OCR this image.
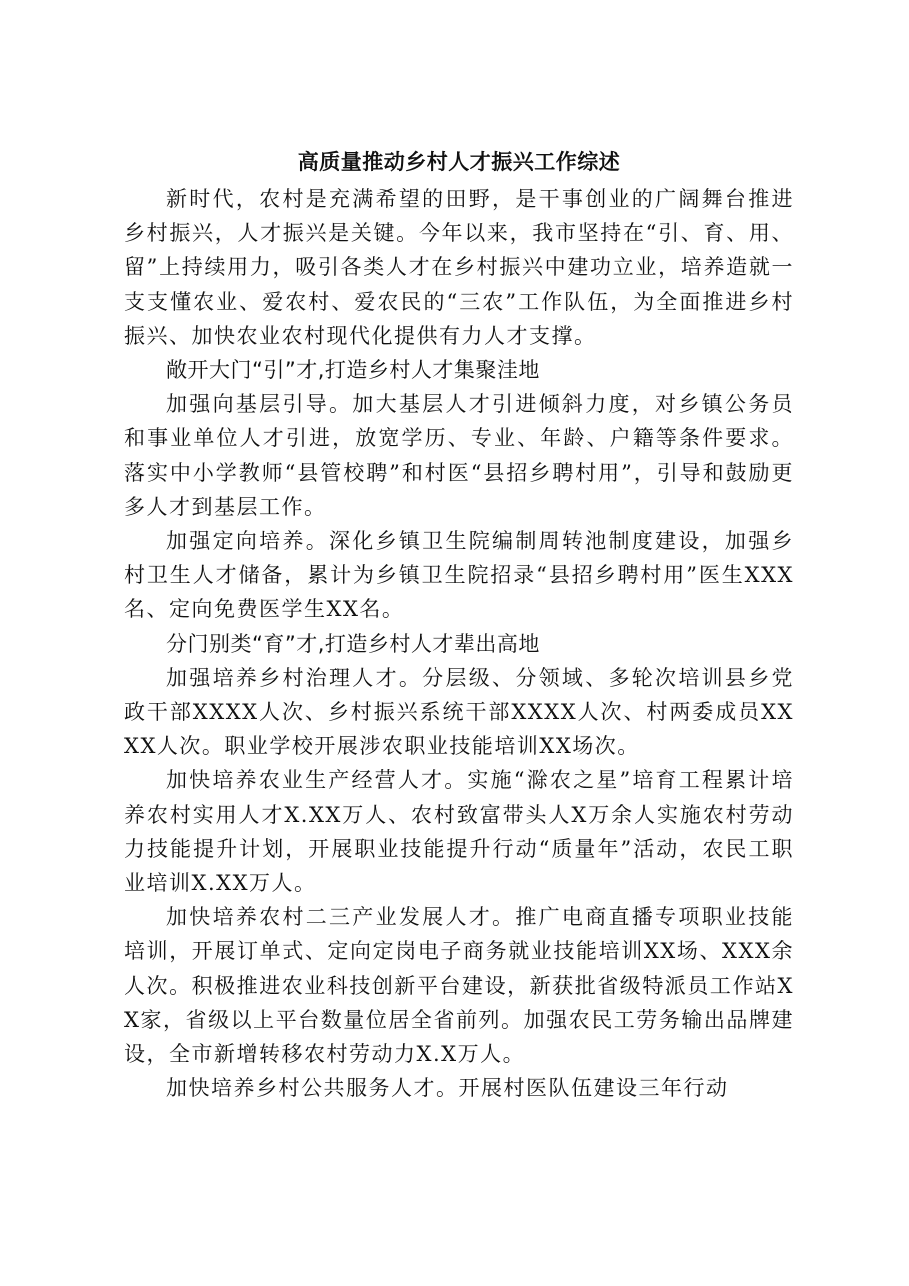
高质量推动乡村人才振兴工作综述

新时代，农村是充满希望的田野，是干事创业的广阔舞台推进乡村振兴，人才振兴是关键。今年以来，我市坚持在“引、育、用、留”上持续用力，吸引各类人才在乡村振兴中建功立业，培养造就一支支懂农业、爱农村、爱农民的“三农”工作队伍，为全面推进乡村振兴、加快农业农村现代化提供有力人才支撑。

敞开大门“引”才,打造乡村人才集聚洼地

加强向基层引导。加大基层人才引进倾斜力度，对乡镇公务员和事业单位人才引进，放宽学历、专业、年龄、户籍等条件要求。落实中小学教师“县管校聘”和村医“县招乡聘村用”，引导和鼓励更多人才到基层工作。

加强定向培养。深化乡镇卫生院编制周转池制度建设，加强乡村卫生人才储备，累计为乡镇卫生院招录“县招乡聘村用”医生XXX名、定向免费医学生XX名。

分门别类“育”才,打造乡村人才辈出高地

加强培养乡村治理人才。分层级、分领域、多轮次培训县乡党政干部XXXX人次、乡村振兴系统干部XXXX人次、村两委成员XXXX人次。职业学校开展涉农职业技能培训XX场次。

加快培养农业生产经营人才。实施“滁农之星”培育工程累计培养农村实用人才X.XX万人、农村致富带头人X万余人实施农村劳动力技能提升计划，开展职业技能提升行动“质量年”活动，农民工职业培训X.XX万人。

加快培养农村二三产业发展人才。推广电商直播专项职业技能培训，开展订单式、定向定岗电子商务就业技能培训XX场、XXX余人次。积极推进农业科技创新平台建设，新获批省级特派员工作站XX家，省级以上平台数量位居全省前列。加强农民工劳务输出品牌建设，全市新增转移农村劳动力X.X万人。

加快培养乡村公共服务人才。开展村医队伍建设三年行动
